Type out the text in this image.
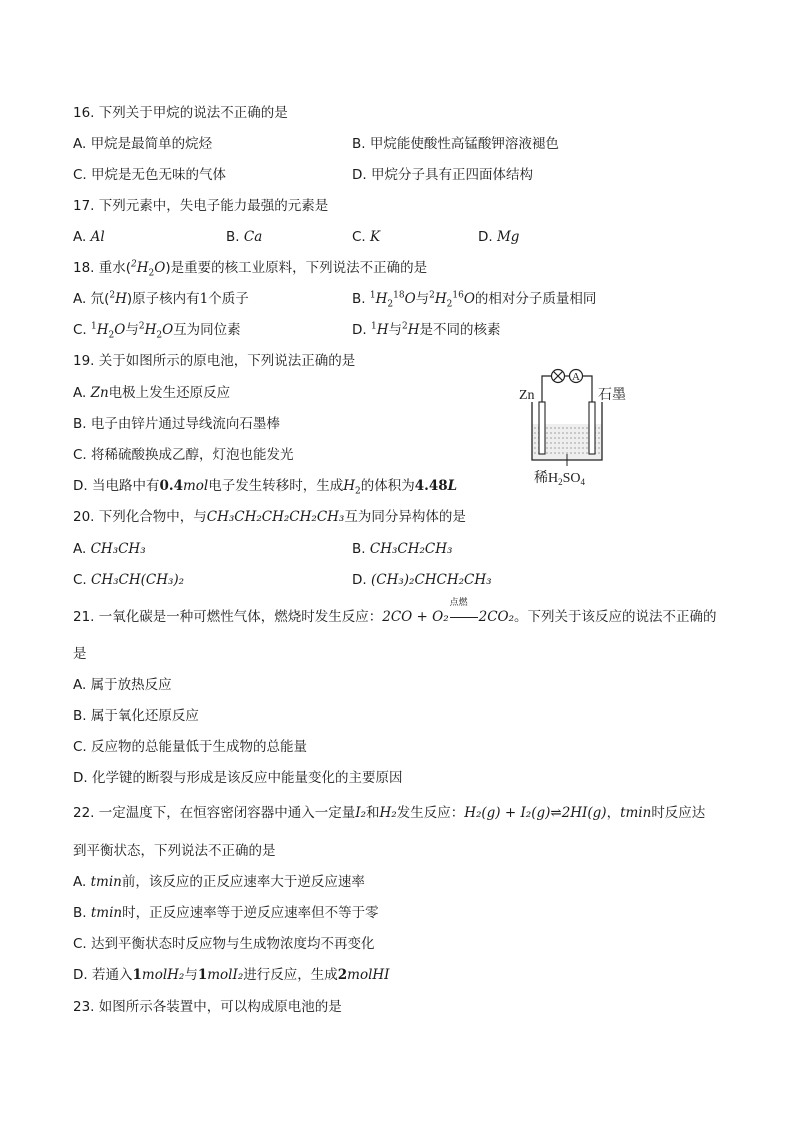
16. 下列关于甲烷的说法不正确的是
A. 甲烷是最简单的烷烃	B. 甲烷能使酸性高锰酸钾溶液褪色
C. 甲烷是无色无味的气体	D. 甲烷分子具有正四面体结构
17. 下列元素中，失电子能力最强的元素是
A. Al	B. Ca	C. K	D. Mg
18. 重水$(^2H_2O)$是重要的核工业原料，下列说法不正确的是
A. 氘($^2$H)原子核内有1个质子	B. $^1H_2^{18}O$与$^2H_2^{16}O$的相对分子质量相同
C. $^1H_2O$与$^2H_2O$互为同位素	D. $^1$H与$^2$H是不同的核素
19. 关于如图所示的原电池，下列说法正确的是
A. Zn电极上发生还原反应
B. 电子由锌片通过导线流向石墨棒
C. 将稀硫酸换成乙醇，灯泡也能发光
D. 当电路中有0.4mol电子发生转移时，生成$H_2$的体积为4.48L
A
Zn	石墨
稀$H_2SO_4$
20. 下列化合物中，与CH₃CH₂CH₂CH₂CH₃互为同分异构体的是
A. CH₃CH₃	B. CH₃CH₂CH₃
C. CH₃CH(CH₃)₂	D. (CH₃)₂CHCH₂CH₃
21. 一氧化碳是一种可燃性气体，燃烧时发生反应：2CO + O₂
点燃
2CO₂。下列关于该反应的说法不正确的
是
A. 属于放热反应
B. 属于氧化还原反应
C. 反应物的总能量低于生成物的总能量
D. 化学键的断裂与形成是该反应中能量变化的主要原因
22. 一定温度下，在恒容密闭容器中通入一定量I₂和H₂发生反应：H₂(g) + I₂(g)⇌2HI(g)，tmin时反应达
到平衡状态，下列说法不正确的是
A. tmin前，该反应的正反应速率大于逆反应速率
B. tmin时，正反应速率等于逆反应速率但不等于零
C. 达到平衡状态时反应物与生成物浓度均不再变化
D. 若通入1molH₂与1molI₂进行反应，生成2molHI
23. 如图所示各装置中，可以构成原电池的是
